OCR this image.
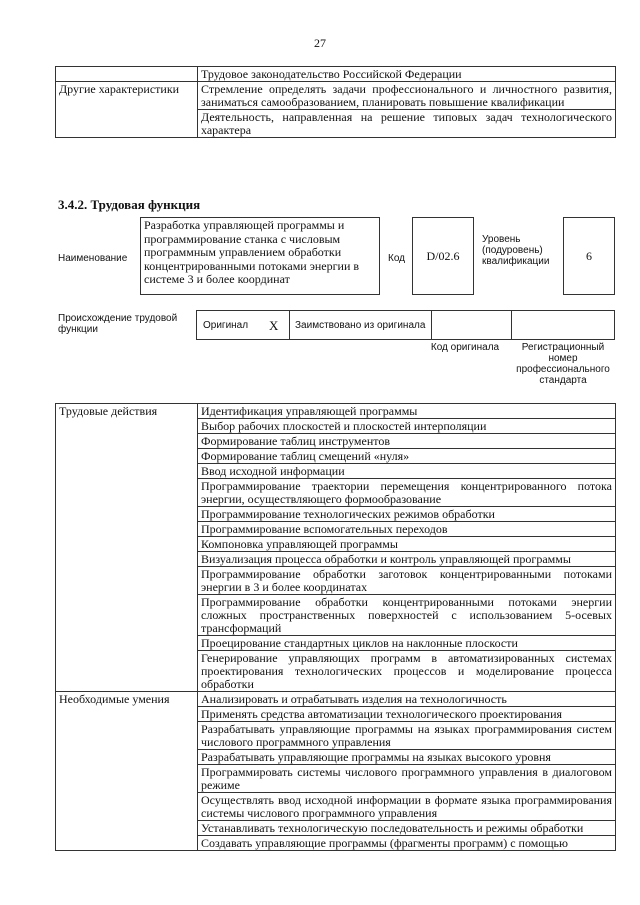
27
	Трудовое законодательство Российской Федерации
Другие характеристики	Стремление определять задачи профессионального и личностного развития, заниматься самообразованием, планировать повышение квалификации
	Деятельность, направленная на решение типовых задач технологического характера
3.4.2. Трудовая функция
Наименование
Разработка управляющей программы и программирование станка с числовым программным управлением обработки концентрированными потоками энергии в системе 3 и более координат
Код	D/02.6
Уровень (подуровень) квалификации	6
Происхождение трудовой функции	Оригинал X Заимствовано из оригинала
Код оригинала	Регистрационный номер профессионального стандарта
Трудовые действия	Идентификация управляющей программы
	Выбор рабочих плоскостей и плоскостей интерполяции
	Формирование таблиц инструментов
	Формирование таблиц смещений «нуля»
	Ввод исходной информации
	Программирование траектории перемещения концентрированного потока энергии, осуществляющего формообразование
	Программирование технологических режимов обработки
	Программирование вспомогательных переходов
	Компоновка управляющей программы
	Визуализация процесса обработки и контроль управляющей программы
	Программирование обработки заготовок концентрированными потоками энергии в 3 и более координатах
	Программирование обработки концентрированными потоками энергии сложных пространственных поверхностей с использованием 5-осевых трансформаций
	Проецирование стандартных циклов на наклонные плоскости
	Генерирование управляющих программ в автоматизированных системах проектирования технологических процессов и моделирование процесса обработки
Необходимые умения	Анализировать и отрабатывать изделия на технологичность
	Применять средства автоматизации технологического проектирования
	Разрабатывать управляющие программы на языках программирования систем числового программного управления
	Разрабатывать управляющие программы на языках высокого уровня
	Программировать системы числового программного управления в диалоговом режиме
	Осуществлять ввод исходной информации в формате языка программирования системы числового программного управления
	Устанавливать технологическую последовательность и режимы обработки
	Создавать управляющие программы (фрагменты программ) с помощью
